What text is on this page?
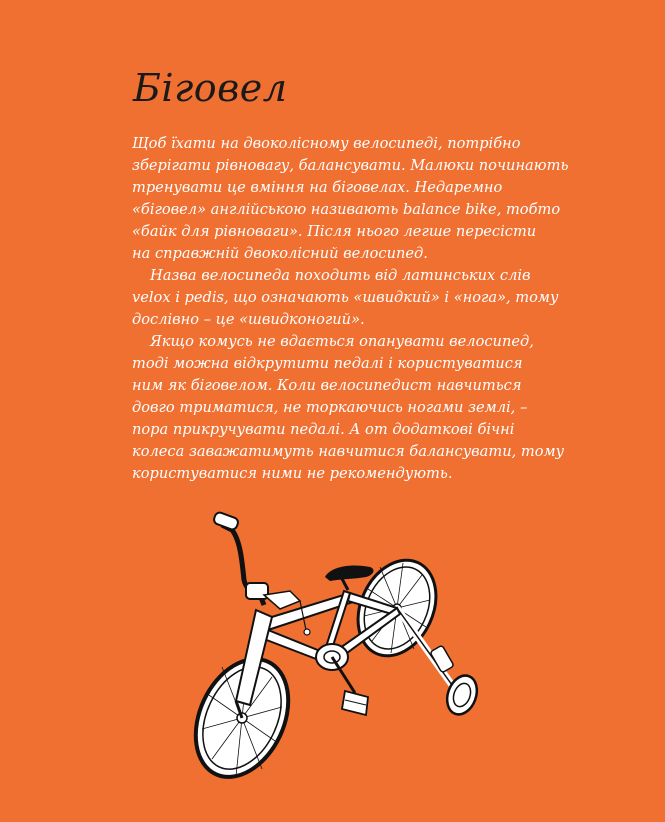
Біговел
Щоб їхати на двоколісному велосипеді, потрібно
зберігати рівновагу, балансувати. Малюки починають
тренувати це вміння на біговелах. Недаремно
«біговел» англійською називають balance bike, тобто
«байк для рівноваги». Після нього легше пересісти
на справжній двоколісний велосипед.
Назва велосипеда походить від латинських слів
velox і pedis, що означають «швидкий» і «нога», тому
дослівно – це «швидконогий».
Якщо комусь не вдається опанувати велосипед,
тоді можна відкрутити педалі і користуватися
ним як біговелом. Коли велосипедист навчиться
довго триматися, не торкаючись ногами землі, –
пора прикручувати педалі. А от додаткові бічні
колеса заважатимуть навчитися балансувати, тому
користуватися ними не рекомендують.
